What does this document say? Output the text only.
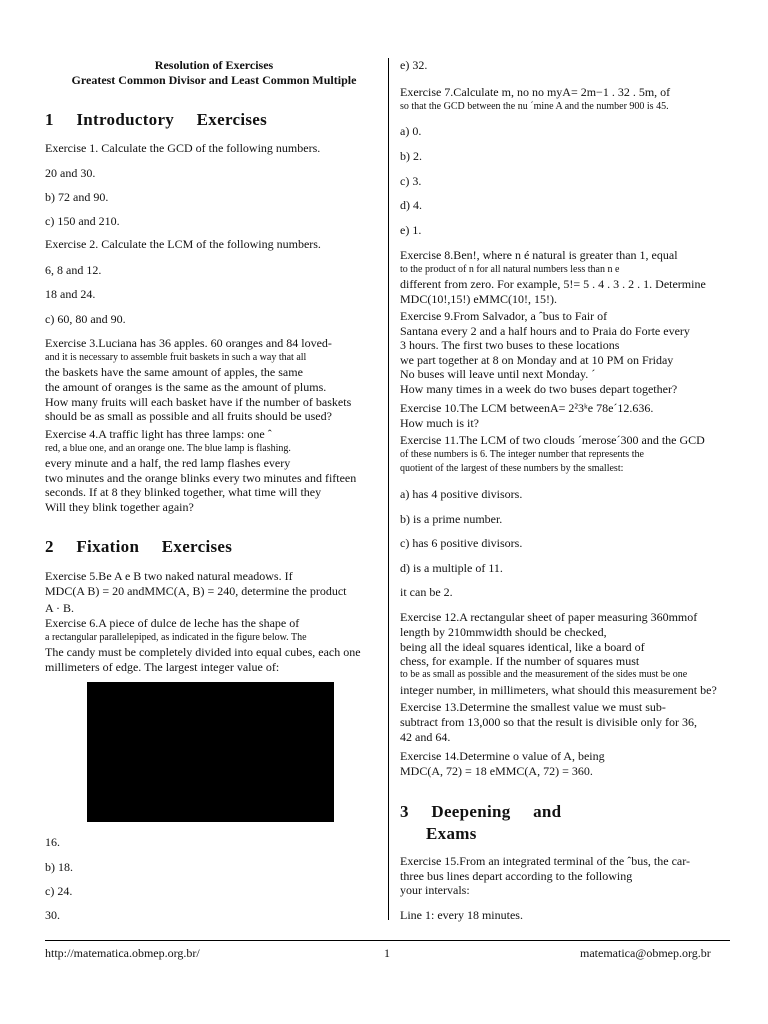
Resolution of Exercises
Greatest Common Divisor and Least Common Multiple
1 Introductory Exercises
Exercise 1. Calculate the GCD of the following numbers.
20 and 30.
b) 72 and 90.
c) 150 and 210.
Exercise 2. Calculate the LCM of the following numbers.
6, 8 and 12.
18 and 24.
c) 60, 80 and 90.
Exercise 3.Luciana has 36 apples. 60 oranges and 84 loved-
and it is necessary to assemble fruit baskets in such a way that all
the baskets have the same amount of apples, the same
the amount of oranges is the same as the amount of plums.
How many fruits will each basket have if the number of baskets
should be as small as possible and all fruits should be used?
Exercise 4.A traffic light has three lamps: one ˆ
red, a blue one, and an orange one. The blue lamp is flashing.
every minute and a half, the red lamp flashes every
two minutes and the orange blinks every two minutes and fifteen
seconds. If at 8 they blinked together, what time will they
Will they blink together again?
2 Fixation Exercises
Exercise 5.Be A e B two naked natural meadows. If
MDC(A B) = 20 andMMC(A, B) = 240, determine the product
A · B.
Exercise 6.A piece of dulce de leche has the shape of
a rectangular parallelepiped, as indicated in the figure below. The
The candy must be completely divided into equal cubes, each one
millimeters of edge. The largest integer value of:
16.
b) 18.
c) 24.
30.
e) 32.
Exercise 7.Calculate m, no no myA= 2m−1 . 32 . 5m, of
so that the GCD between the nu ´mine A and the number 900 is 45.
a) 0.
b) 2.
c) 3.
d) 4.
e) 1.
Exercise 8.Ben!, where n é natural is greater than 1, equal
to the product of n for all natural numbers less than n e
different from zero. For example, 5!= 5 . 4 . 3 . 2 . 1. Determine
MDC(10!,15!) eMMC(10!, 15!).
Exercise 9.From Salvador, a ˆbus to Fair of
Santana every 2 and a half hours and to Praia do Forte every
3 hours. The first two buses to these locations
we part together at 8 on Monday and at 10 PM on Friday
No buses will leave until next Monday. ´
How many times in a week do two buses depart together?
Exercise 10.The LCM betweenA= 2²3ᵏe 78e´12.636.
How much is it?
Exercise 11.The LCM of two clouds ´merose´300 and the GCD
of these numbers is 6. The integer number that represents the
quotient of the largest of these numbers by the smallest:
a) has 4 positive divisors.
b) is a prime number.
c) has 6 positive divisors.
d) is a multiple of 11.
it can be 2.
Exercise 12.A rectangular sheet of paper measuring 360mmof
length by 210mmwidth should be checked,
being all the ideal squares identical, like a board of
chess, for example. If the number of squares must
to be as small as possible and the measurement of the sides must be one
integer number, in millimeters, what should this measurement be?
Exercise 13.Determine the smallest value we must sub-
subtract from 13,000 so that the result is divisible only for 36,
42 and 64.
Exercise 14.Determine o value of A, being
MDC(A, 72) = 18 eMMC(A, 72) = 360.
3 Deepening and
Exams
Exercise 15.From an integrated terminal of the ˆbus, the car-
three bus lines depart according to the following
your intervals:
Line 1: every 18 minutes.
http://matematica.obmep.org.br/	1	matematica@obmep.org.br
